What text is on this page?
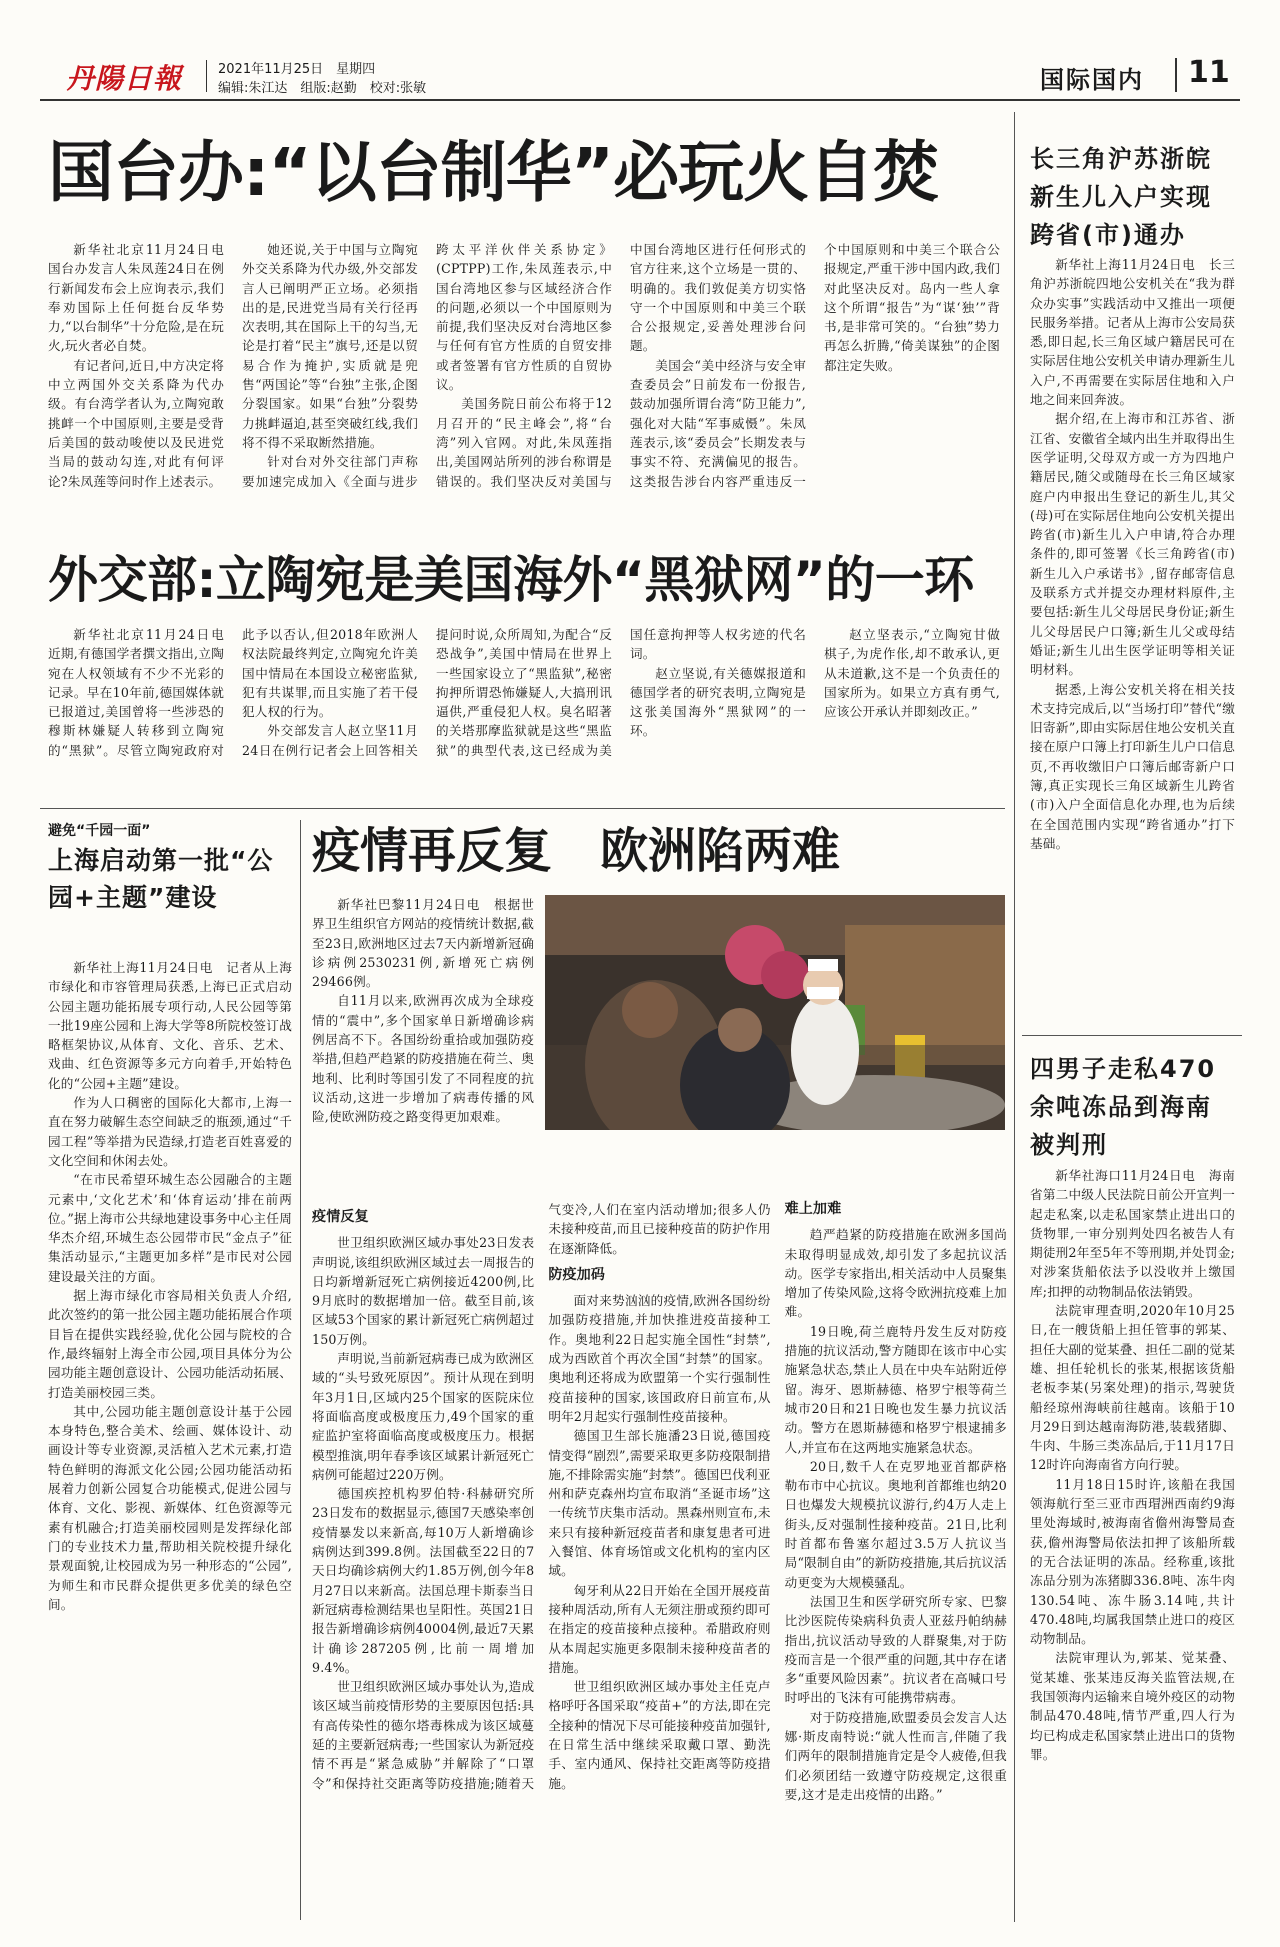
丹陽日報	2021年11月25日　星期四
编辑:朱江达　组版:赵勤　校对:张敏	国际国内 11
国台办:“以台制华”必玩火自焚

新华社北京11月24日电　国台办发言人朱凤莲24日在例行新闻发布会上应询表示,我们奉劝国际上任何挺台反华势力,“以台制华”十分危险,是在玩火,玩火者必自焚。

有记者问,近日,中方决定将中立两国外交关系降为代办级。有台湾学者认为,立陶宛敢挑衅一个中国原则,主要是受背后美国的鼓动唆使以及民进党当局的鼓动勾连,对此有何评论?朱凤莲等问时作上述表示。

她还说,关于中国与立陶宛外交关系降为代办级,外交部发言人已阐明严正立场。必须指出的是,民进党当局有关行径再次表明,其在国际上干的勾当,无论是打着“民主”旗号,还是以贸易合作为掩护,实质就是兜售“两国论”等“台独”主张,企图分裂国家。如果“台独”分裂势力挑衅逼迫,甚至突破红线,我们将不得不采取断然措施。

针对台对外交往部门声称要加速完成加入《全面与进步跨太平洋伙伴关系协定》(CPTPP)工作,朱凤莲表示,中国台湾地区参与区域经济合作的问题,必须以一个中国原则为前提,我们坚决反对台湾地区参与任何有官方性质的自贸安排或者签署有官方性质的自贸协议。

美国务院日前公布将于12月召开的“民主峰会”,将“台湾”列入官网。对此,朱凤莲指出,美国网站所列的涉台称谓是错误的。我们坚决反对美国与中国台湾地区进行任何形式的官方往来,这个立场是一贯的、明确的。我们敦促美方切实恪守一个中国原则和中美三个联合公报规定,妥善处理涉台问题。

美国会“美中经济与安全审查委员会”日前发布一份报告,鼓动加强所谓台湾“防卫能力”,强化对大陆“军事威慑”。朱凤莲表示,该“委员会”长期发表与事实不符、充满偏见的报告。这类报告涉台内容严重违反一个中国原则和中美三个联合公报规定,严重干涉中国内政,我们对此坚决反对。岛内一些人拿这个所谓“报告”为“谋‘独’”背书,是非常可笑的。“台独”势力再怎么折腾,“倚美谋独”的企图都注定失败。

外交部:立陶宛是美国海外“黑狱网”的一环

新华社北京11月24日电　近期,有德国学者撰文指出,立陶宛在人权领域有不少不光彩的记录。早在10年前,德国媒体就已报道过,美国曾将一些涉恐的穆斯林嫌疑人转移到立陶宛的“黑狱”。尽管立陶宛政府对此予以否认,但2018年欧洲人权法院最终判定,立陶宛允许美国中情局在本国设立秘密监狱,犯有共谋罪,而且实施了若干侵犯人权的行为。

外交部发言人赵立坚11月24日在例行记者会上回答相关提问时说,众所周知,为配合“反恐战争”,美国中情局在世界上一些国家设立了“黑监狱”,秘密拘押所谓恐怖嫌疑人,大搞刑讯逼供,严重侵犯人权。臭名昭著的关塔那摩监狱就是这些“黑监狱”的典型代表,这已经成为美国任意拘押等人权劣迹的代名词。

赵立坚说,有关德媒报道和德国学者的研究表明,立陶宛是这张美国海外“黑狱网”的一环。

赵立坚表示,“立陶宛甘做棋子,为虎作伥,却不敢承认,更从未道歉,这不是一个负责任的国家所为。如果立方真有勇气,应该公开承认并即刻改正。”

避免“千园一面”
上海启动第一批“公园+主题”建设

新华社上海11月24日电　记者从上海市绿化和市容管理局获悉,上海已正式启动公园主题功能拓展专项行动,人民公园等第一批19座公园和上海大学等8所院校签订战略框架协议,从体育、文化、音乐、艺术、戏曲、红色资源等多元方向着手,开始特色化的“公园+主题”建设。

作为人口稠密的国际化大都市,上海一直在努力破解生态空间缺乏的瓶颈,通过“千园工程”等举措为民造绿,打造老百姓喜爱的文化空间和休闲去处。

“在市民希望环城生态公园融合的主题元素中,‘文化艺术’和‘体育运动’排在前两位。”据上海市公共绿地建设事务中心主任周华杰介绍,环城生态公园带市民“金点子”征集活动显示,“主题更加多样”是市民对公园建设最关注的方面。

据上海市绿化市容局相关负责人介绍,此次签约的第一批公园主题功能拓展合作项目旨在提供实践经验,优化公园与院校的合作,最终辐射上海全市公园,项目具体分为公园功能主题创意设计、公园功能活动拓展、打造美丽校园三类。

其中,公园功能主题创意设计基于公园本身特色,整合美术、绘画、媒体设计、动画设计等专业资源,灵活植入艺术元素,打造特色鲜明的海派文化公园;公园功能活动拓展着力创新公园复合功能模式,促进公园与体育、文化、影视、新媒体、红色资源等元素有机融合;打造美丽校园则是发挥绿化部门的专业技术力量,帮助相关院校提升绿化景观面貌,让校园成为另一种形态的“公园”,为师生和市民群众提供更多优美的绿色空间。

疫情再反复　欧洲陷两难

新华社巴黎11月24日电　根据世界卫生组织官方网站的疫情统计数据,截至23日,欧洲地区过去7天内新增新冠确诊病例2530231例,新增死亡病例29466例。

自11月以来,欧洲再次成为全球疫情的“震中”,多个国家单日新增确诊病例居高不下。各国纷纷重拾或加强防疫举措,但趋严趋紧的防疫措施在荷兰、奥地利、比利时等国引发了不同程度的抗议活动,这进一步增加了病毒传播的风险,使欧洲防疫之路变得更加艰难。

疫情反复

世卫组织欧洲区域办事处23日发表声明说,该组织欧洲区域过去一周报告的日均新增新冠死亡病例接近4200例,比9月底时的数据增加一倍。截至目前,该区域53个国家的累计新冠死亡病例超过150万例。

声明说,当前新冠病毒已成为欧洲区域的“头号致死原因”。预计从现在到明年3月1日,区域内25个国家的医院床位将面临高度或极度压力,49个国家的重症监护室将面临高度或极度压力。根据模型推演,明年春季该区域累计新冠死亡病例可能超过220万例。

德国疾控机构罗伯特·科赫研究所23日发布的数据显示,德国7天感染率创疫情暴发以来新高,每10万人新增确诊病例达到399.8例。法国截至22日的7天日均确诊病例大约1.85万例,创今年8月27日以来新高。法国总理卡斯泰当日新冠病毒检测结果也呈阳性。英国21日报告新增确诊病例40004例,最近7天累计确诊287205例,比前一周增加9.4%。

世卫组织欧洲区域办事处认为,造成该区域当前疫情形势的主要原因包括:具有高传染性的德尔塔毒株成为该区域蔓延的主要新冠病毒;一些国家认为新冠疫情不再是“紧急威胁”并解除了“口罩令”和保持社交距离等防疫措施;随着天气变冷,人们在室内活动增加;很多人仍未接种疫苗,而且已接种疫苗的防护作用在逐渐降低。

防疫加码

面对来势汹汹的疫情,欧洲各国纷纷加强防疫措施,并加快推进疫苗接种工作。奥地利22日起实施全国性“封禁”,成为西欧首个再次全国“封禁”的国家。奥地利还将成为欧盟第一个实行强制性疫苗接种的国家,该国政府日前宣布,从明年2月起实行强制性疫苗接种。

德国卫生部长施潘23日说,德国疫情变得“剧烈”,需要采取更多防疫限制措施,不排除需实施“封禁”。德国巴伐利亚州和萨克森州均宣布取消“圣诞市场”这一传统节庆集市活动。黑森州则宣布,未来只有接种新冠疫苗者和康复患者可进入餐馆、体育场馆或文化机构的室内区域。

匈牙利从22日开始在全国开展疫苗接种周活动,所有人无须注册或预约即可在指定的疫苗接种点接种。希腊政府则从本周起实施更多限制未接种疫苗者的措施。

世卫组织欧洲区域办事处主任克卢格呼吁各国采取“疫苗+”的方法,即在完全接种的情况下尽可能接种疫苗加强针,在日常生活中继续采取戴口罩、勤洗手、室内通风、保持社交距离等防疫措施。

难上加难

趋严趋紧的防疫措施在欧洲多国尚未取得明显成效,却引发了多起抗议活动。医学专家指出,相关活动中人员聚集增加了传染风险,这将令欧洲抗疫难上加难。

19日晚,荷兰鹿特丹发生反对防疫措施的抗议活动,警方随即在该市中心实施紧急状态,禁止人员在中央车站附近停留。海牙、恩斯赫德、格罗宁根等荷兰城市20日和21日晚也发生暴力抗议活动。警方在恩斯赫德和格罗宁根逮捕多人,并宣布在这两地实施紧急状态。

20日,数千人在克罗地亚首都萨格勒布市中心抗议。奥地利首都维也纳20日也爆发大规模抗议游行,约4万人走上街头,反对强制性接种疫苗。21日,比利时首都布鲁塞尔超过3.5万人抗议当局“限制自由”的新防疫措施,其后抗议活动更变为大规模骚乱。

法国卫生和医学研究所专家、巴黎比沙医院传染病科负责人亚兹丹帕纳赫指出,抗议活动导致的人群聚集,对于防疫而言是一个很严重的问题,其中存在诸多“重要风险因素”。抗议者在高喊口号时呼出的飞沫有可能携带病毒。

对于防疫措施,欧盟委员会发言人达娜·斯皮南特说:“就人性而言,伴随了我们两年的限制措施肯定是令人疲倦,但我们必须团结一致遵守防疫规定,这很重要,这才是走出疫情的出路。”

长三角沪苏浙皖新生儿入户实现跨省(市)通办

新华社上海11月24日电　长三角沪苏浙皖四地公安机关在“我为群众办实事”实践活动中又推出一项便民服务举措。记者从上海市公安局获悉,即日起,长三角区域户籍居民可在实际居住地公安机关申请办理新生儿入户,不再需要在实际居住地和入户地之间来回奔波。

据介绍,在上海市和江苏省、浙江省、安徽省全域内出生并取得出生医学证明,父母双方或一方为四地户籍居民,随父或随母在长三角区域家庭户内申报出生登记的新生儿,其父(母)可在实际居住地向公安机关提出跨省(市)新生儿入户申请,符合办理条件的,即可签署《长三角跨省(市)新生儿入户承诺书》,留存邮寄信息及联系方式并提交办理材料原件,主要包括:新生儿父母居民身份证;新生儿父母居民户口簿;新生儿父或母结婚证;新生儿出生医学证明等相关证明材料。

据悉,上海公安机关将在相关技术支持完成后,以“当场打印”替代“缴旧寄新”,即由实际居住地公安机关直接在原户口簿上打印新生儿户口信息页,不再收缴旧户口簿后邮寄新户口簿,真正实现长三角区域新生儿跨省(市)入户全面信息化办理,也为后续在全国范围内实现“跨省通办”打下基础。

四男子走私470余吨冻品到海南被判刑

新华社海口11月24日电　海南省第二中级人民法院日前公开宣判一起走私案,以走私国家禁止进出口的货物罪,一审分别判处四名被告人有期徒刑2年至5年不等刑期,并处罚金;对涉案货船依法予以没收并上缴国库;扣押的动物制品依法销毁。

法院审理查明,2020年10月25日,在一艘货船上担任管事的郭某、担任大副的觉某叠、担任二副的觉某雄、担任轮机长的张某,根据该货船老板李某(另案处理)的指示,驾驶货船经琼州海峡前往越南。该船于10月29日到达越南海防港,装载猪脚、牛肉、牛肠三类冻品后,于11月17日12时许向海南省方向行驶。

11月18日15时许,该船在我国领海航行至三亚市西瑁洲西南约9海里处海域时,被海南省儋州海警局查获,儋州海警局依法扣押了该船所载的无合法证明的冻品。经称重,该批冻品分别为冻猪脚336.8吨、冻牛肉130.54吨、冻牛肠3.14吨,共计470.48吨,均属我国禁止进口的疫区动物制品。

法院审理认为,郭某、觉某叠、觉某雄、张某违反海关监管法规,在我国领海内运输来自境外疫区的动物制品470.48吨,情节严重,四人行为均已构成走私国家禁止进出口的货物罪。
